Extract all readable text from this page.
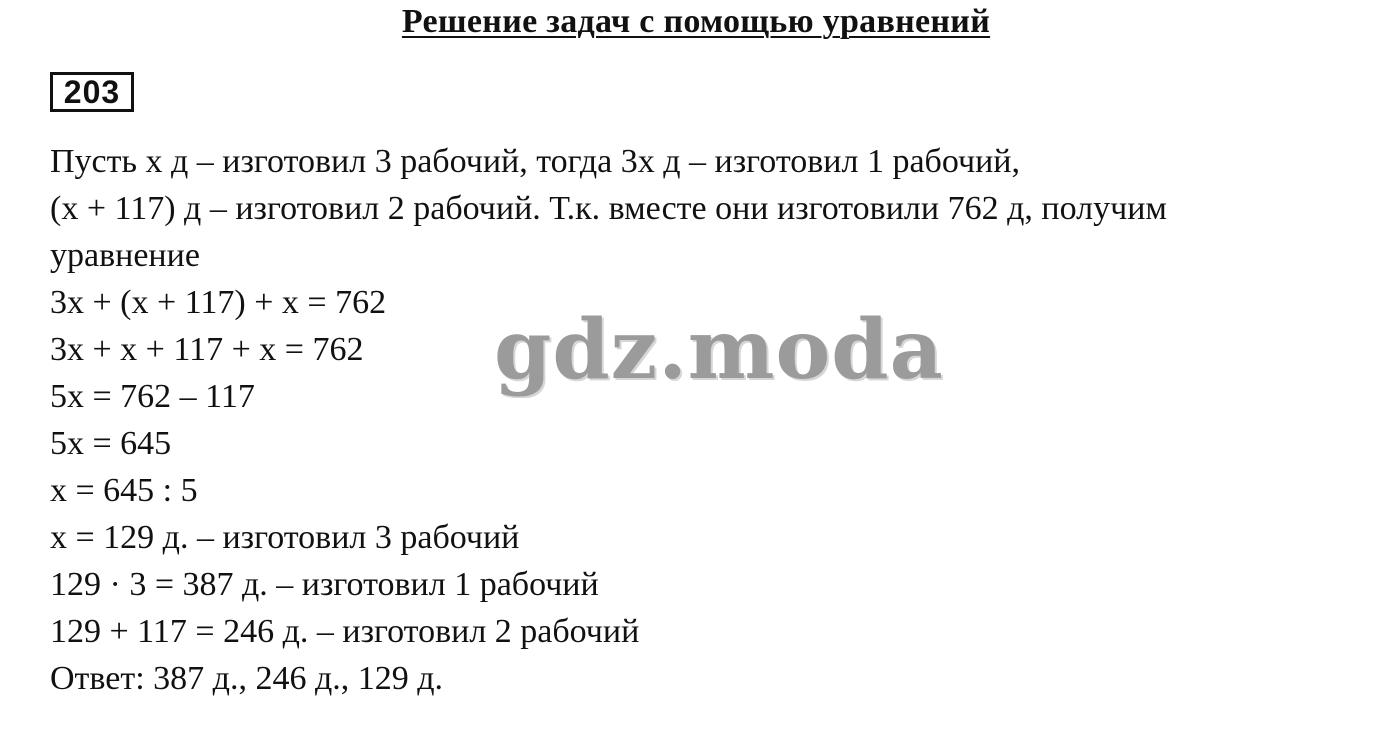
Решение задач с помощью уравнений
203
Пусть х д – изготовил 3 рабочий, тогда 3х д – изготовил 1 рабочий,
(х + 117) д – изготовил 2 рабочий. Т.к. вместе они изготовили 762 д, получим
уравнение
3х + (х + 117) + х = 762
3х + х + 117 + х = 762
5х = 762 – 117
5х = 645
х = 645 : 5
х = 129 д. – изготовил 3 рабочий
129 · 3 = 387 д. – изготовил 1 рабочий
129 + 117 = 246 д. – изготовил 2 рабочий
Ответ: 387 д., 246 д., 129 д.
gdz.moda
